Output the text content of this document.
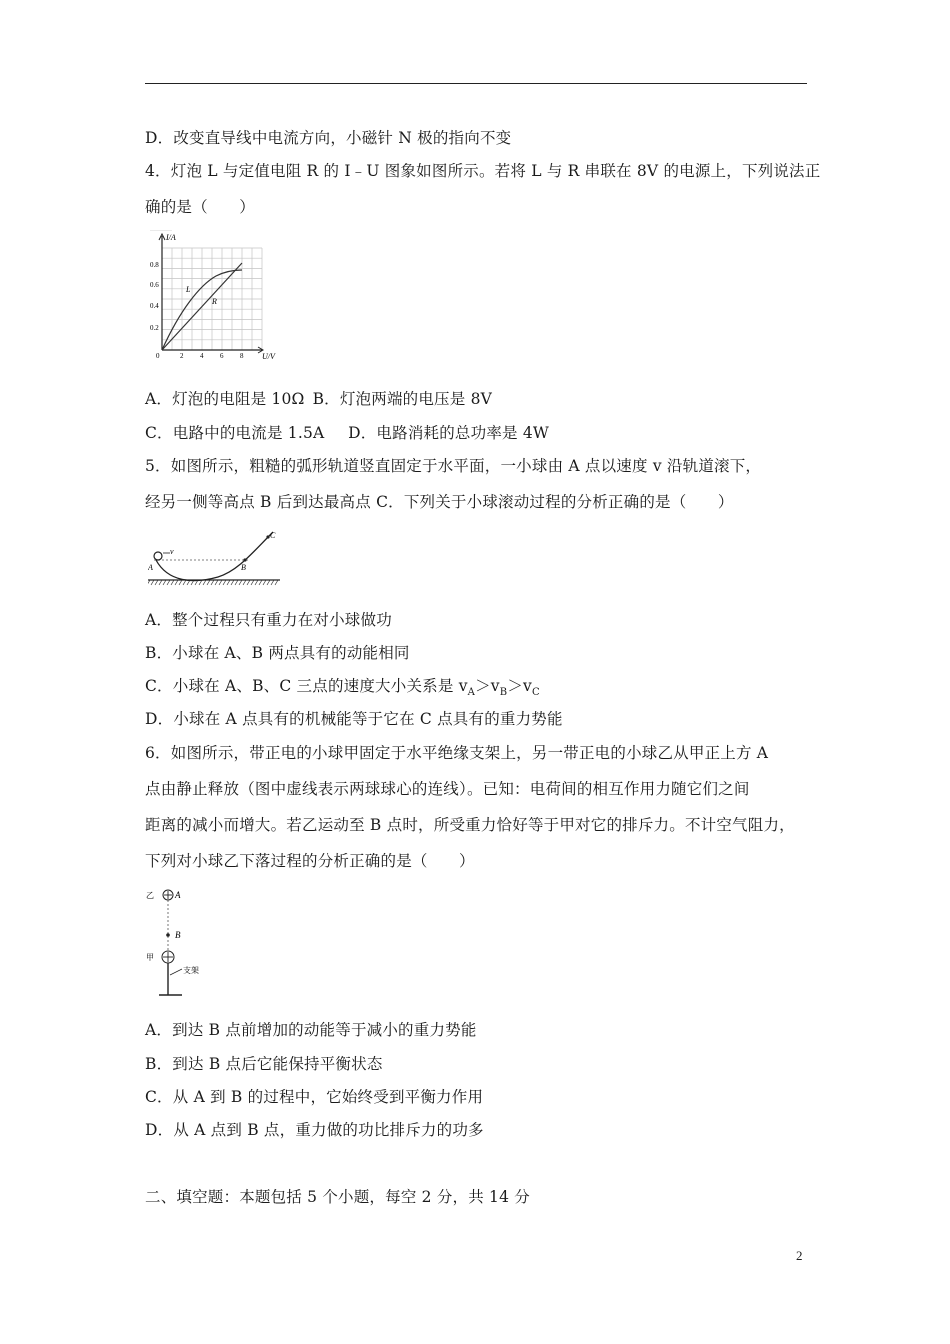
D．改变直导线中电流方向，小磁针 N 极的指向不变
4．灯泡 L 与定值电阻 R 的 I﹣U 图象如图所示。若将 L 与 R 串联在 8V 的电源上，下列说法正
确的是（　　）
I/A
U/V
0.8
0.6
0.4
0.2
0	2 4 6 8
L
R
A．灯泡的电阻是 10Ω  B．灯泡两端的电压是 8V
C．电路中的电流是 1.5A   D．电路消耗的总功率是 4W
5．如图所示，粗糙的弧形轨道竖直固定于水平面，一小球由 A 点以速度 v 沿轨道滚下，
经另一侧等高点 B 后到达最高点 C．下列关于小球滚动过程的分析正确的是（　　）
v
A	B
C
A．整个过程只有重力在对小球做功
B．小球在 A、B 两点具有的动能相同
C．小球在 A、B、C 三点的速度大小关系是 $v_A>v_B>v_C$
D．小球在 A 点具有的机械能等于它在 C 点具有的重力势能
6．如图所示，带正电的小球甲固定于水平绝缘支架上，另一带正电的小球乙从甲正上方 A
点由静止释放（图中虚线表示两球球心的连线）。已知：电荷间的相互作用力随它们之间
距离的减小而增大。若乙运动至 B 点时，所受重力恰好等于甲对它的排斥力。不计空气阻力，
下列对小球乙下落过程的分析正确的是（　　）
乙 A
B
甲
支架
A．到达 B 点前增加的动能等于减小的重力势能
B．到达 B 点后它能保持平衡状态
C．从 A 到 B 的过程中，它始终受到平衡力作用
D．从 A 点到 B 点，重力做的功比排斥力的功多
二、填空题：本题包括 5 个小题，每空 2 分，共 14 分
2
